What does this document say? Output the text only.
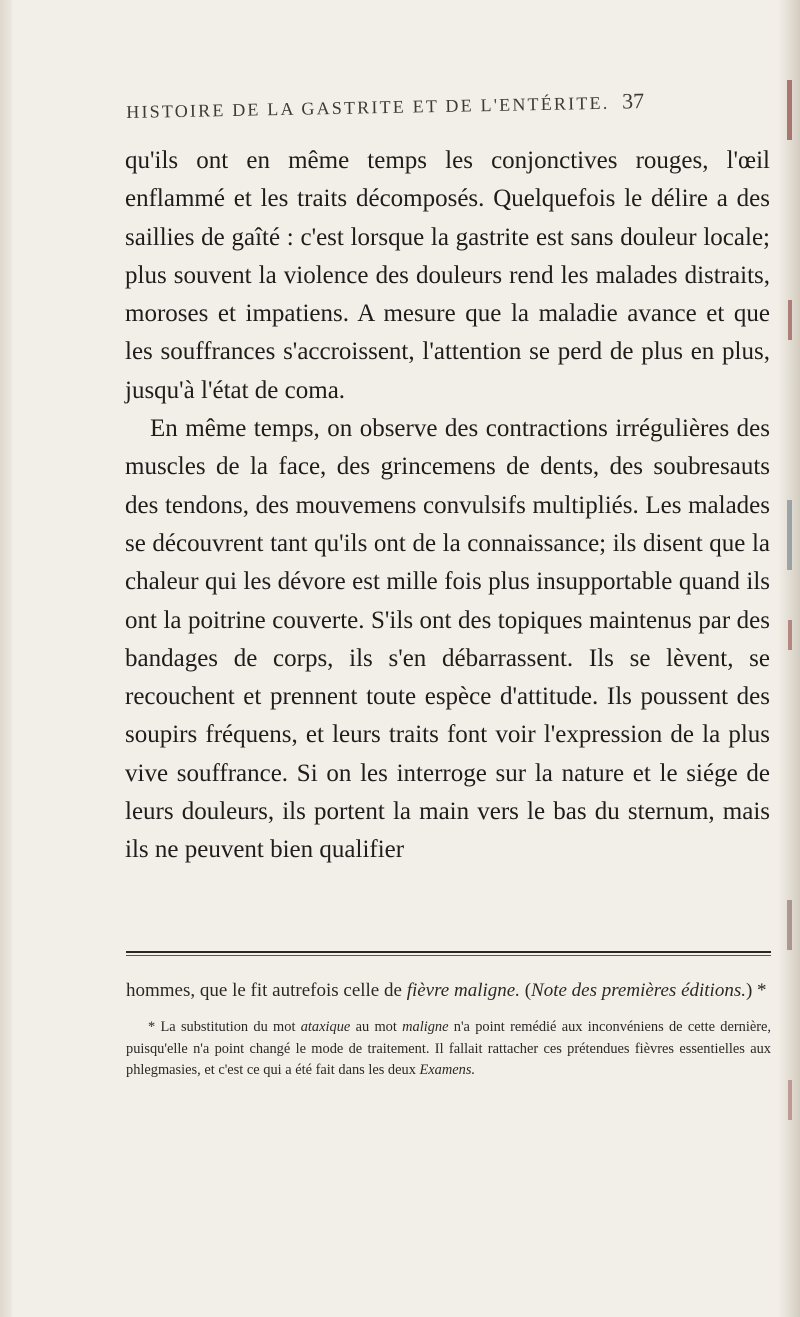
HISTOIRE DE LA GASTRITE ET DE L'ENTÉRITE. 37

qu'ils ont en même temps les conjonctives rouges, l'œil enflammé et les traits décomposés. Quelquefois le délire a des saillies de gaîté : c'est lorsque la gastrite est sans douleur locale; plus souvent la violence des douleurs rend les malades distraits, moroses et impatiens. A mesure que la maladie avance et que les souffrances s'accroissent, l'attention se perd de plus en plus, jusqu'à l'état de coma.

En même temps, on observe des contractions irrégulières des muscles de la face, des grincemens de dents, des soubresauts des tendons, des mouvemens convulsifs multipliés. Les malades se découvrent tant qu'ils ont de la connaissance; ils disent que la chaleur qui les dévore est mille fois plus insupportable quand ils ont la poitrine couverte. S'ils ont des topiques maintenus par des bandages de corps, ils s'en débarrassent. Ils se lèvent, se recouchent et prennent toute espèce d'attitude. Ils poussent des soupirs fréquens, et leurs traits font voir l'expression de la plus vive souffrance. Si on les interroge sur la nature et le siége de leurs douleurs, ils portent la main vers le bas du sternum, mais ils ne peuvent bien qualifier

hommes, que le fit autrefois celle de fièvre maligne. (Note des premières éditions.) *

* La substitution du mot ataxique au mot maligne n'a point remédié aux inconvéniens de cette dernière, puisqu'elle n'a point changé le mode de traitement. Il fallait rattacher ces prétendues fièvres essentielles aux phlegmasies, et c'est ce qui a été fait dans les deux Examens.
